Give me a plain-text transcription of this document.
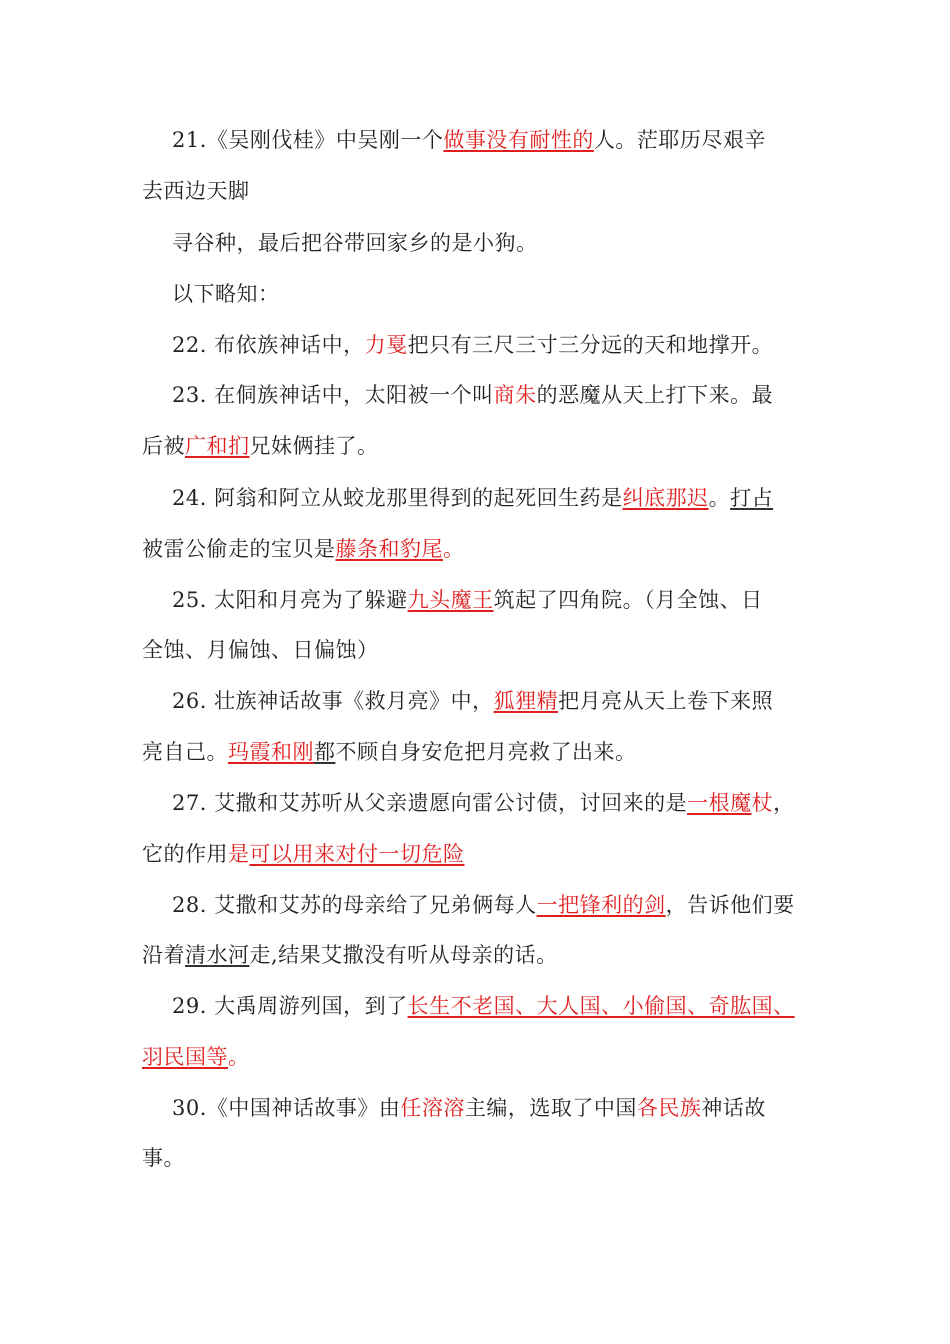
21.《吴刚伐桂》中吴刚一个做事没有耐性的人。茫耶历尽艰辛
去西边天脚
寻谷种，最后把谷带回家乡的是小狗。
以下略知：
22. 布依族神话中，力戛把只有三尺三寸三分远的天和地撑开。
23. 在侗族神话中，太阳被一个叫商朱的恶魔从天上打下来。最
后被广和扪兄妹俩挂了。
24. 阿翁和阿立从蛟龙那里得到的起死回生药是纠底那迟。打占
被雷公偷走的宝贝是藤条和豹尾。
25. 太阳和月亮为了躲避九头魔王筑起了四角院。（月全蚀、日
全蚀、月偏蚀、日偏蚀）
26. 壮族神话故事《救月亮》中，狐狸精把月亮从天上卷下来照
亮自己。玛霞和刚都不顾自身安危把月亮救了出来。
27. 艾撒和艾苏听从父亲遗愿向雷公讨债，讨回来的是一根魔杖，
它的作用是可以用来对付一切危险
28. 艾撒和艾苏的母亲给了兄弟俩每人一把锋利的剑，告诉他们要
沿着清水河走,结果艾撒没有听从母亲的话。
29. 大禹周游列国，到了长生不老国、大人国、小偷国、奇肱国、
羽民国等。
30.《中国神话故事》由任溶溶主编，选取了中国各民族神话故
事。
